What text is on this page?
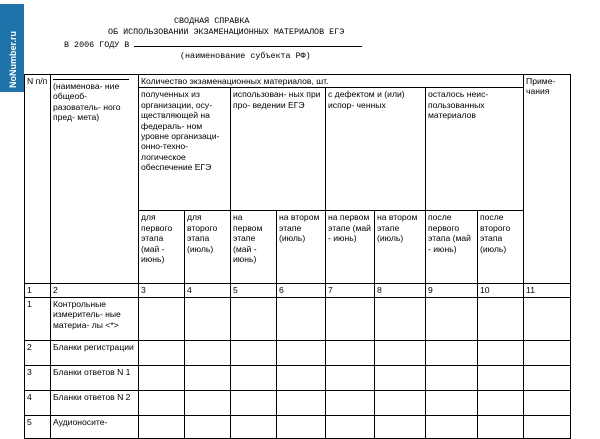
NoNumber.ru
СВОДНАЯ СПРАВКА
ОБ ИСПОЛЬЗОВАНИИ ЭКЗАМЕНАЦИОННЫХ МАТЕРИАЛОВ ЕГЭ
В 2006 ГОДУ В
(наименование субъекта РФ)
N п/п	(наименова- ние общеоб- разователь- ного пред- мета)	Количество экзаменационных материалов, шт.								Приме- чания
		полученных из организации, осу- ществляющей на федераль- ном уровне организаци- онно-техно- логическое обеспечение ЕГЭ		использован- ных при про- ведении ЕГЭ		с дефектом и (или) испор- ченных		осталось неис- пользованных материалов		
		для первого этапа (май - июнь)	для второго этапа (июль)	на первом этапе (май - июнь)	на втором этапе (июль)	на первом этапе (май - июнь)	на втором этапе (июль)	после первого этапа (май - июнь)	после второго этапа (июль)	
1	2	3	4	5	6	7	8	9	10	11
1	Контрольные измеритель- ные материа- лы <*>									
2	Бланки регистрации									
3	Бланки ответов N 1									
4	Бланки ответов N 2									
5	Аудионосите-									
